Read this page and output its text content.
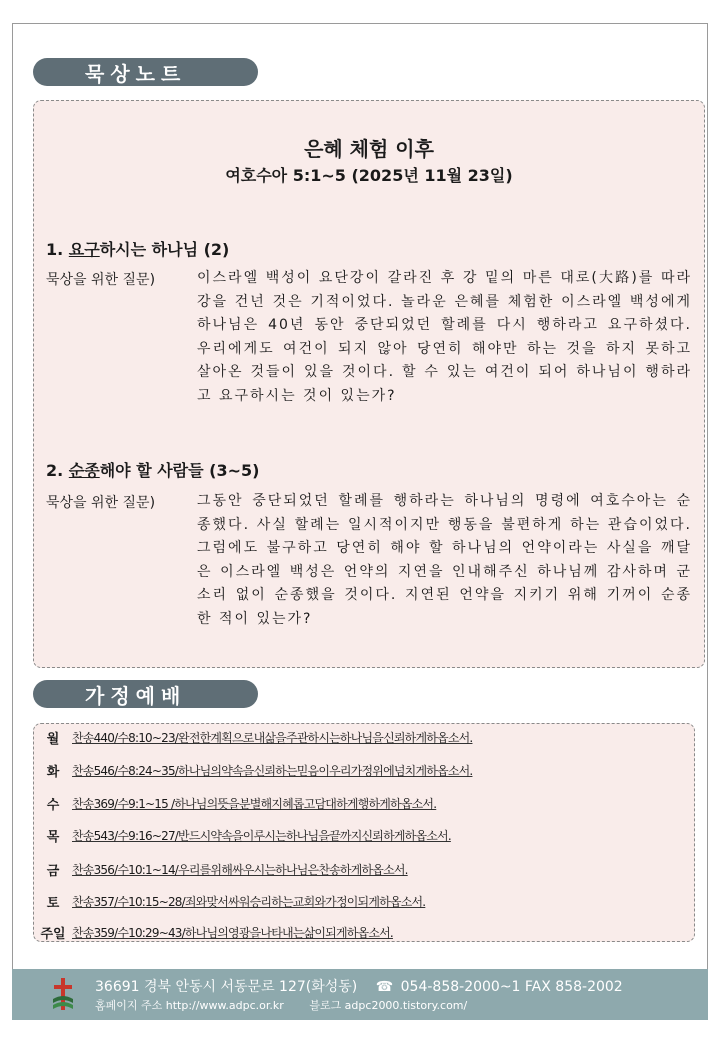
묵상노트
은혜 체험 이후
여호수아 5:1~5 (2025년 11월 23일)
1. 요구하시는 하나님 (2)
묵상을 위한 질문)	이스라엘 백성이 요단강이 갈라진 후 강 밑의 마른 대로(大路)를 따라 강을 건넌 것은 기적이었다. 놀라운 은혜를 체험한 이스라엘 백성에게 하나님은 40년 동안 중단되었던 할례를 다시 행하라고 요구하셨다. 우리에게도 여건이 되지 않아 당연히 해야만 하는 것을 하지 못하고 살아온 것들이 있을 것이다. 할 수 있는 여건이 되어 하나님이 행하라고 요구하시는 것이 있는가?
2. 순종해야 할 사람들 (3~5)
묵상을 위한 질문)	그동안 중단되었던 할례를 행하라는 하나님의 명령에 여호수아는 순종했다. 사실 할례는 일시적이지만 행동을 불편하게 하는 관습이었다. 그럼에도 불구하고 당연히 해야 할 하나님의 언약이라는 사실을 깨달은 이스라엘 백성은 언약의 지연을 인내해주신 하나님께 감사하며 군소리 없이 순종했을 것이다. 지연된 언약을 지키기 위해 기꺼이 순종한 적이 있는가?
가정예배
월	찬송440/수8:10~23/완전한계획으로내삶을주관하시는하나님을신뢰하게하옵소서.
화	찬송546/수8:24~35/하나님의약속을신뢰하는믿음이우리가정위에넘치게하옵소서.
수	찬송369/수9:1~15 /하나님의뜻을분별해지혜롭고담대하게행하게하옵소서.
목	찬송543/수9:16~27/반드시약속을이루시는하나님을끝까지신뢰하게하옵소서.
금	찬송356/수10:1~14/우리를위해싸우시는하나님은찬송하게하옵소서.
토	찬송357/수10:15~28/죄와맞서싸워승리하는교회와가정이되게하옵소서.
주일 찬송359/수10:29~43/하나님의영광을나타내는삶이되게하옵소서.
36691 경북 안동시 서동문로 127(화성동) ☎ 054-858-2000~1 FAX 858-2002
홈페이지 주소 http://www.adpc.or.kr 블로그 adpc2000.tistory.com/
